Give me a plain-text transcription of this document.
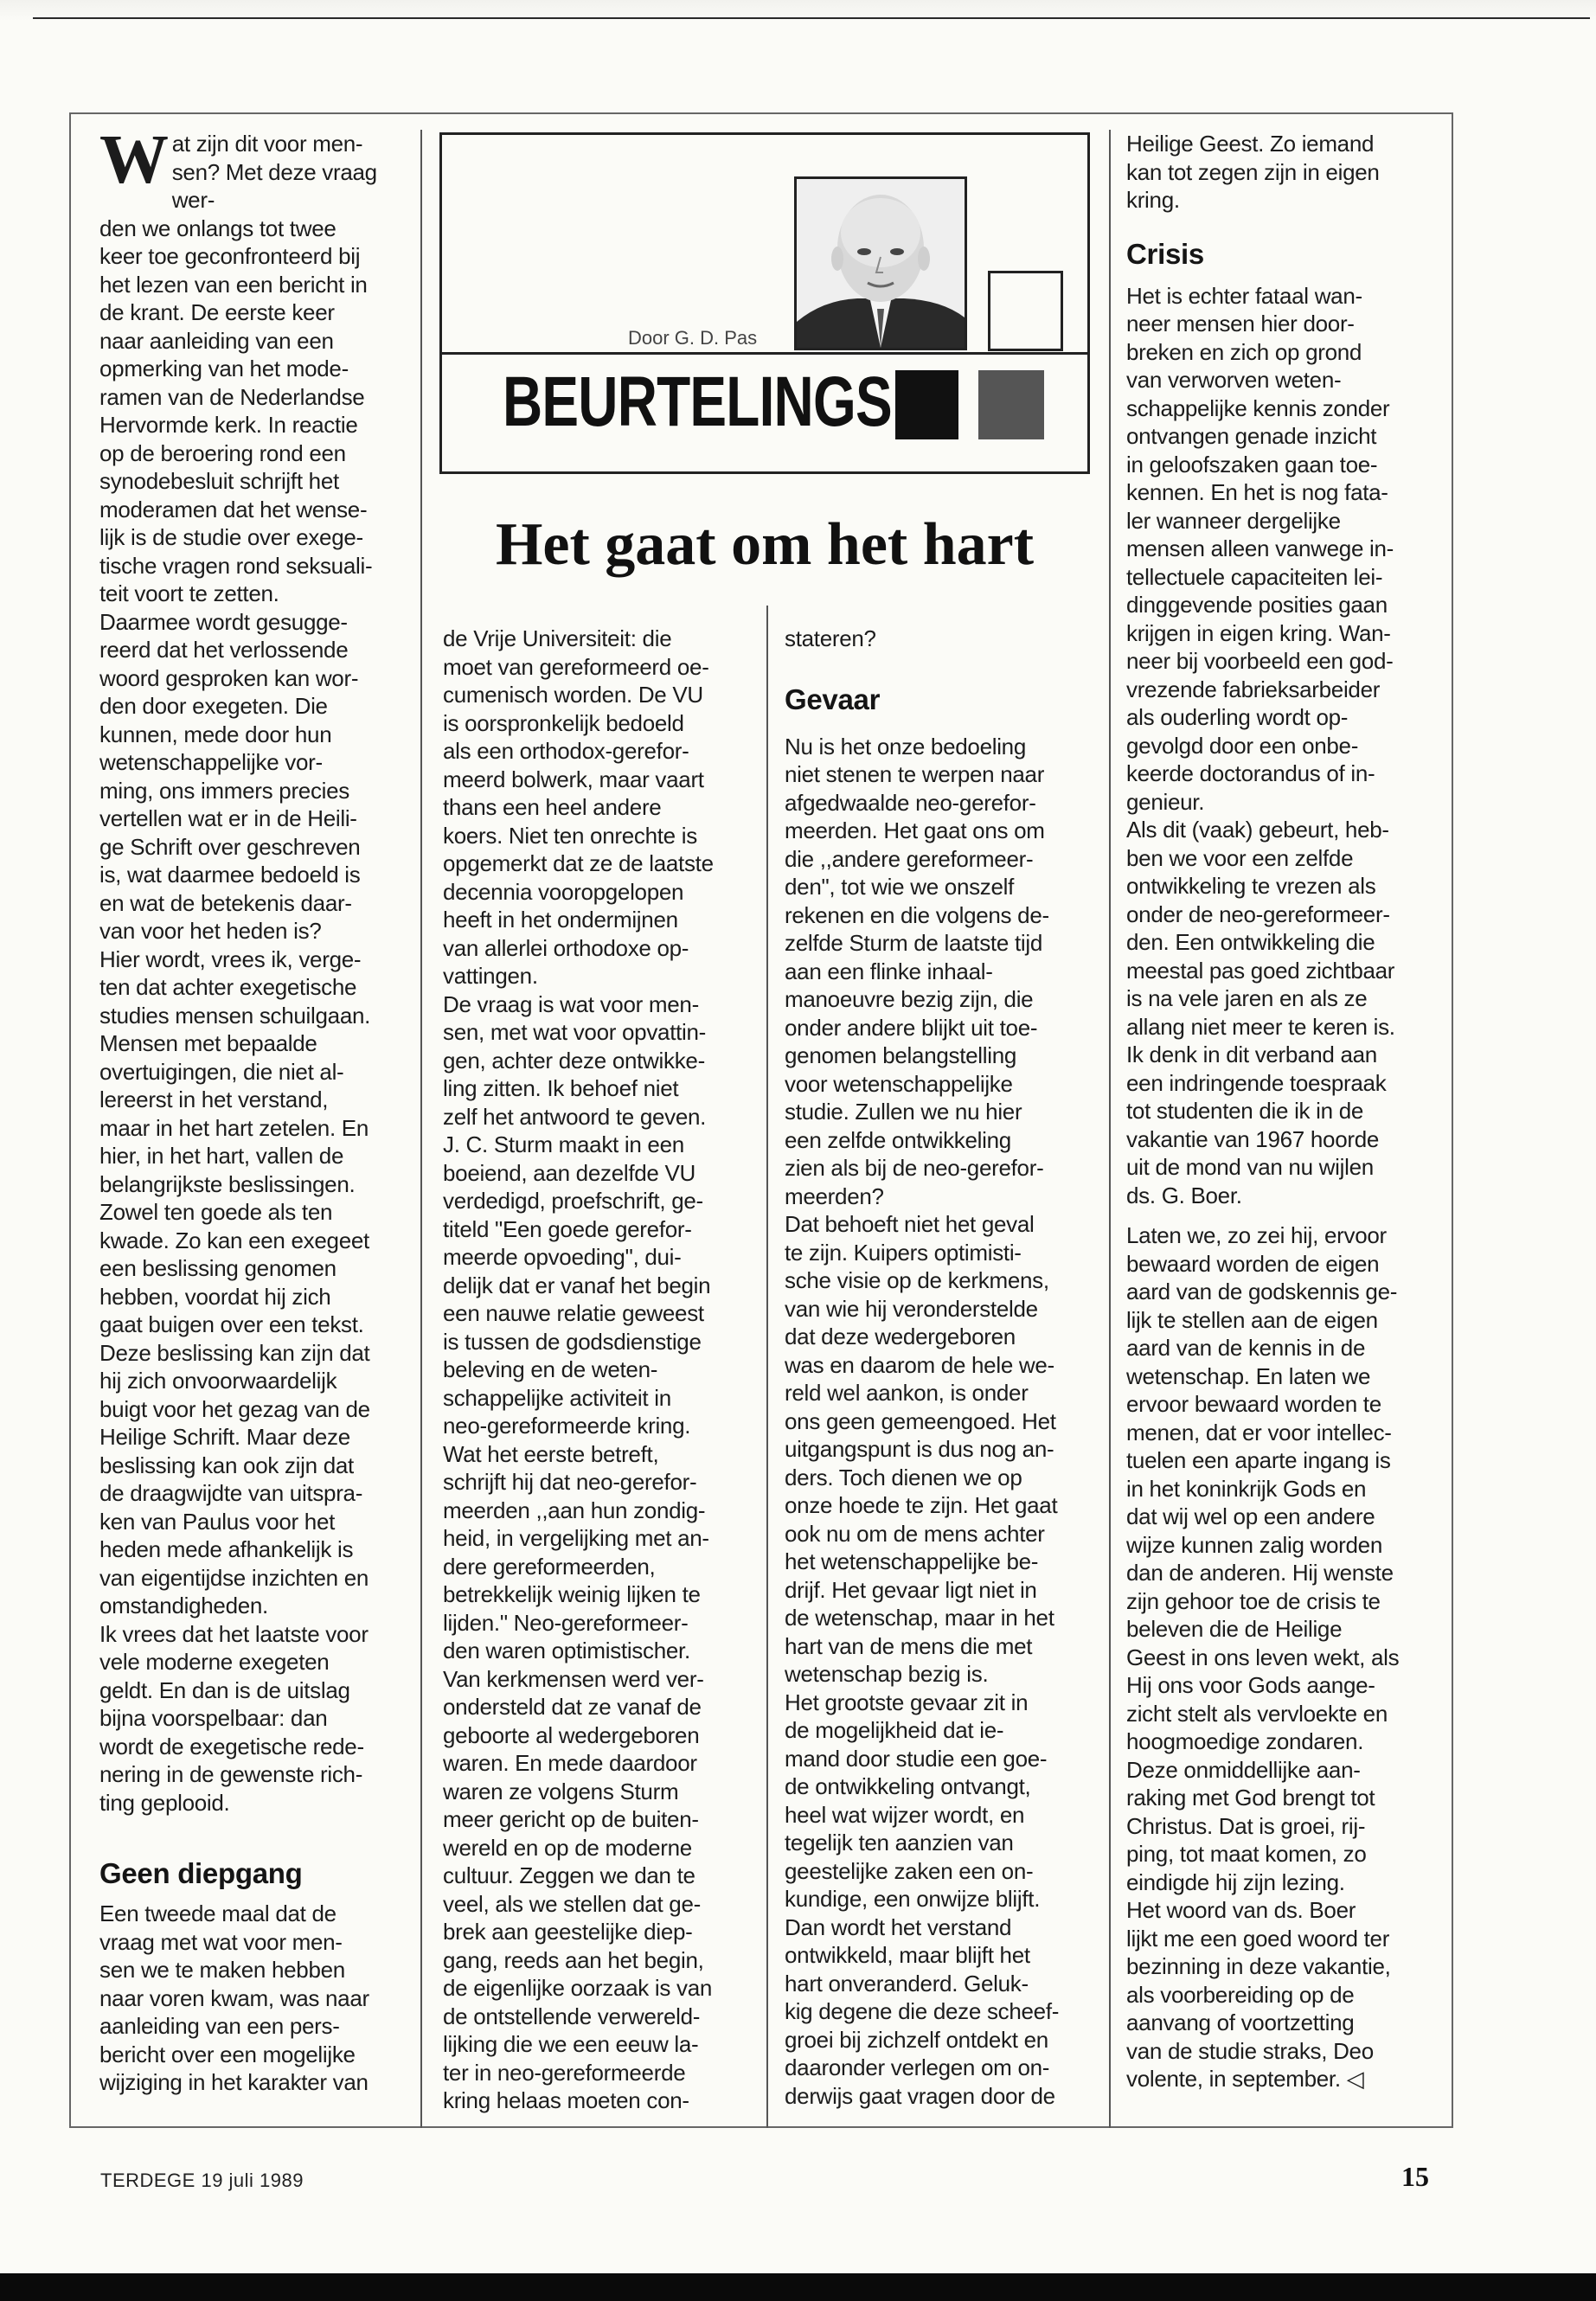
Door G. D. Pas
BEURTELINGS
Het gaat om het hart

Wat zijn dit voor men-
sen? Met deze vraag wer-
den we onlangs tot twee
keer toe geconfronteerd bij
het lezen van een bericht in
de krant. De eerste keer
naar aanleiding van een
opmerking van het mode-
ramen van de Nederlandse
Hervormde kerk. In reactie
op de beroering rond een
synodebesluit schrijft het
moderamen dat het wense-
lijk is de studie over exege-
tische vragen rond seksuali-
teit voort te zetten.

Daarmee wordt gesugge-
reerd dat het verlossende
woord gesproken kan wor-
den door exegeten. Die
kunnen, mede door hun
wetenschappelijke vor-
ming, ons immers precies
vertellen wat er in de Heili-
ge Schrift over geschreven
is, wat daarmee bedoeld is
en wat de betekenis daar-
van voor het heden is?

Hier wordt, vrees ik, verge-
ten dat achter exegetische
studies mensen schuilgaan.
Mensen met bepaalde
overtuigingen, die niet al-
lereerst in het verstand,
maar in het hart zetelen. En
hier, in het hart, vallen de
belangrijkste beslissingen.
Zowel ten goede als ten
kwade. Zo kan een exegeet
een beslissing genomen
hebben, voordat hij zich
gaat buigen over een tekst.
Deze beslissing kan zijn dat
hij zich onvoorwaardelijk
buigt voor het gezag van de
Heilige Schrift. Maar deze
beslissing kan ook zijn dat
de draagwijdte van uitspra-
ken van Paulus voor het
heden mede afhankelijk is
van eigentijdse inzichten en
omstandigheden.

Ik vrees dat het laatste voor
vele moderne exegeten
geldt. En dan is de uitslag
bijna voorspelbaar: dan
wordt de exegetische rede-
nering in de gewenste rich-
ting geplooid.

Geen diepgang

Een tweede maal dat de
vraag met wat voor men-
sen we te maken hebben
naar voren kwam, was naar
aanleiding van een pers-
bericht over een mogelijke
wijziging in het karakter van

de Vrije Universiteit: die
moet van gereformeerd oe-
cumenisch worden. De VU
is oorspronkelijk bedoeld
als een orthodox-gerefor-
meerd bolwerk, maar vaart
thans een heel andere
koers. Niet ten onrechte is
opgemerkt dat ze de laatste
decennia vooropgelopen
heeft in het ondermijnen
van allerlei orthodoxe op-
vattingen.

De vraag is wat voor men-
sen, met wat voor opvattin-
gen, achter deze ontwikke-
ling zitten. Ik behoef niet
zelf het antwoord te geven.
J. C. Sturm maakt in een
boeiend, aan dezelfde VU
verdedigd, proefschrift, ge-
titeld "Een goede gerefor-
meerde opvoeding", dui-
delijk dat er vanaf het begin
een nauwe relatie geweest
is tussen de godsdienstige
beleving en de weten-
schappelijke activiteit in
neo-gereformeerde kring.

Wat het eerste betreft,
schrijft hij dat neo-gerefor-
meerden ,,aan hun zondig-
heid, in vergelijking met an-
dere gereformeerden,
betrekkelijk weinig lijken te
lijden." Neo-gereformeer-
den waren optimistischer.
Van kerkmensen werd ver-
ondersteld dat ze vanaf de
geboorte al wedergeboren
waren. En mede daardoor
waren ze volgens Sturm
meer gericht op de buiten-
wereld en op de moderne
cultuur. Zeggen we dan te
veel, als we stellen dat ge-
brek aan geestelijke diep-
gang, reeds aan het begin,
de eigenlijke oorzaak is van
de ontstellende verwereld-
lijking die we een eeuw la-
ter in neo-gereformeerde
kring helaas moeten con-

stateren?

Gevaar

Nu is het onze bedoeling
niet stenen te werpen naar
afgedwaalde neo-gerefor-
meerden. Het gaat ons om
die ,,andere gereformeer-
den", tot wie we onszelf
rekenen en die volgens de-
zelfde Sturm de laatste tijd
aan een flinke inhaal-
manoeuvre bezig zijn, die
onder andere blijkt uit toe-
genomen belangstelling
voor wetenschappelijke
studie. Zullen we nu hier
een zelfde ontwikkeling
zien als bij de neo-gerefor-
meerden?

Dat behoeft niet het geval
te zijn. Kuipers optimisti-
sche visie op de kerkmens,
van wie hij veronderstelde
dat deze wedergeboren
was en daarom de hele we-
reld wel aankon, is onder
ons geen gemeengoed. Het
uitgangspunt is dus nog an-
ders. Toch dienen we op
onze hoede te zijn. Het gaat
ook nu om de mens achter
het wetenschappelijke be-
drijf. Het gevaar ligt niet in
de wetenschap, maar in het
hart van de mens die met
wetenschap bezig is.

Het grootste gevaar zit in
de mogelijkheid dat ie-
mand door studie een goe-
de ontwikkeling ontvangt,
heel wat wijzer wordt, en
tegelijk ten aanzien van
geestelijke zaken een on-
kundige, een onwijze blijft.
Dan wordt het verstand
ontwikkeld, maar blijft het
hart onveranderd. Geluk-
kig degene die deze scheef-
groei bij zichzelf ontdekt en
daaronder verlegen om on-
derwijs gaat vragen door de

Heilige Geest. Zo iemand
kan tot zegen zijn in eigen
kring.

Crisis

Het is echter fataal wan-
neer mensen hier door-
breken en zich op grond
van verworven weten-
schappelijke kennis zonder
ontvangen genade inzicht
in geloofszaken gaan toe-
kennen. En het is nog fata-
ler wanneer dergelijke
mensen alleen vanwege in-
tellectuele capaciteiten lei-
dinggevende posities gaan
krijgen in eigen kring. Wan-
neer bij voorbeeld een god-
vrezende fabrieksarbeider
als ouderling wordt op-
gevolgd door een onbe-
keerde doctorandus of in-
genieur.

Als dit (vaak) gebeurt, heb-
ben we voor een zelfde
ontwikkeling te vrezen als
onder de neo-gereformeer-
den. Een ontwikkeling die
meestal pas goed zichtbaar
is na vele jaren en als ze
allang niet meer te keren is.
Ik denk in dit verband aan
een indringende toespraak
tot studenten die ik in de
vakantie van 1967 hoorde
uit de mond van nu wijlen
ds. G. Boer.

Laten we, zo zei hij, ervoor
bewaard worden de eigen
aard van de godskennis ge-
lijk te stellen aan de eigen
aard van de kennis in de
wetenschap. En laten we
ervoor bewaard worden te
menen, dat er voor intellec-
tuelen een aparte ingang is
in het koninkrijk Gods en
dat wij wel op een andere
wijze kunnen zalig worden
dan de anderen. Hij wenste
zijn gehoor toe de crisis te
beleven die de Heilige
Geest in ons leven wekt, als
Hij ons voor Gods aange-
zicht stelt als vervloekte en
hoogmoedige zondaren.
Deze onmiddellijke aan-
raking met God brengt tot
Christus. Dat is groei, rij-
ping, tot maat komen, zo
eindigde hij zijn lezing.

Het woord van ds. Boer
lijkt me een goed woord ter
bezinning in deze vakantie,
als voorbereiding op de
aanvang of voortzetting
van de studie straks, Deo
volente, in september. ◁

TERDEGE 19 juli 1989	15
